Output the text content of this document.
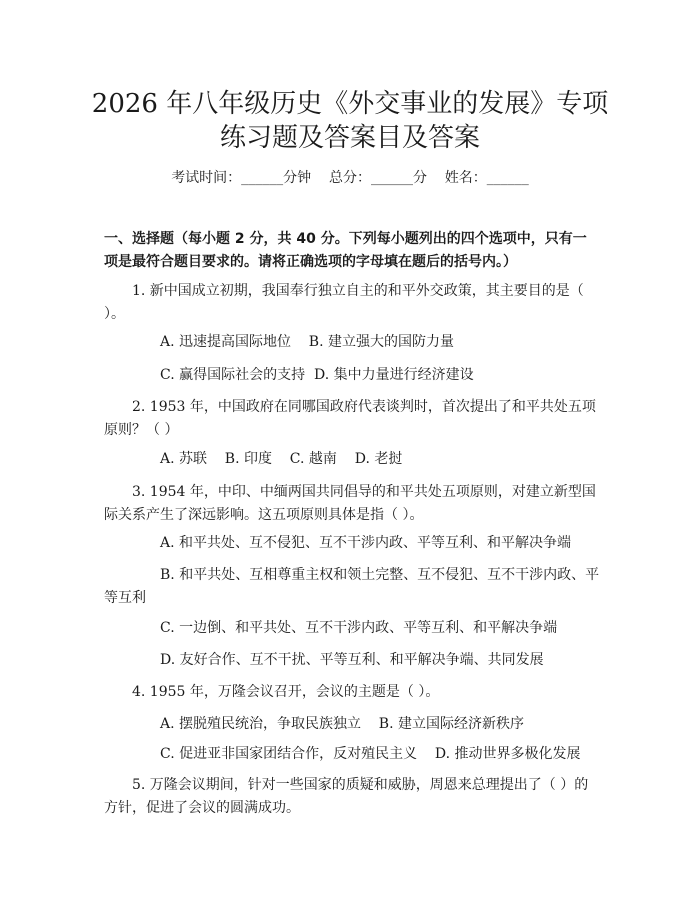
2026 年八年级历史《外交事业的发展》专项
练习题及答案目及答案
考试时间：______分钟    总分：______分    姓名：______
一、选择题（每小题 2 分，共 40 分。下列每小题列出的四个选项中，只有一项是最符合题目要求的。请将正确选项的字母填在题后的括号内。）
1. 新中国成立初期，我国奉行独立自主的和平外交政策，其主要目的是（ ）。
A. 迅速提高国际地位    B. 建立强大的国防力量
C. 赢得国际社会的支持  D. 集中力量进行经济建设
2. 1953 年，中国政府在同哪国政府代表谈判时，首次提出了和平共处五项原则？（ ）
A. 苏联    B. 印度    C. 越南    D. 老挝
3. 1954 年，中印、中缅两国共同倡导的和平共处五项原则，对建立新型国际关系产生了深远影响。这五项原则具体是指（ ）。
A. 和平共处、互不侵犯、互不干涉内政、平等互利、和平解决争端
B. 和平共处、互相尊重主权和领土完整、互不侵犯、互不干涉内政、平等互利
C. 一边倒、和平共处、互不干涉内政、平等互利、和平解决争端
D. 友好合作、互不干扰、平等互利、和平解决争端、共同发展
4. 1955 年，万隆会议召开，会议的主题是（ ）。
A. 摆脱殖民统治，争取民族独立    B. 建立国际经济新秩序
C. 促进亚非国家团结合作，反对殖民主义    D. 推动世界多极化发展
5. 万隆会议期间，针对一些国家的质疑和威胁，周恩来总理提出了（ ）的方针，促进了会议的圆满成功。
